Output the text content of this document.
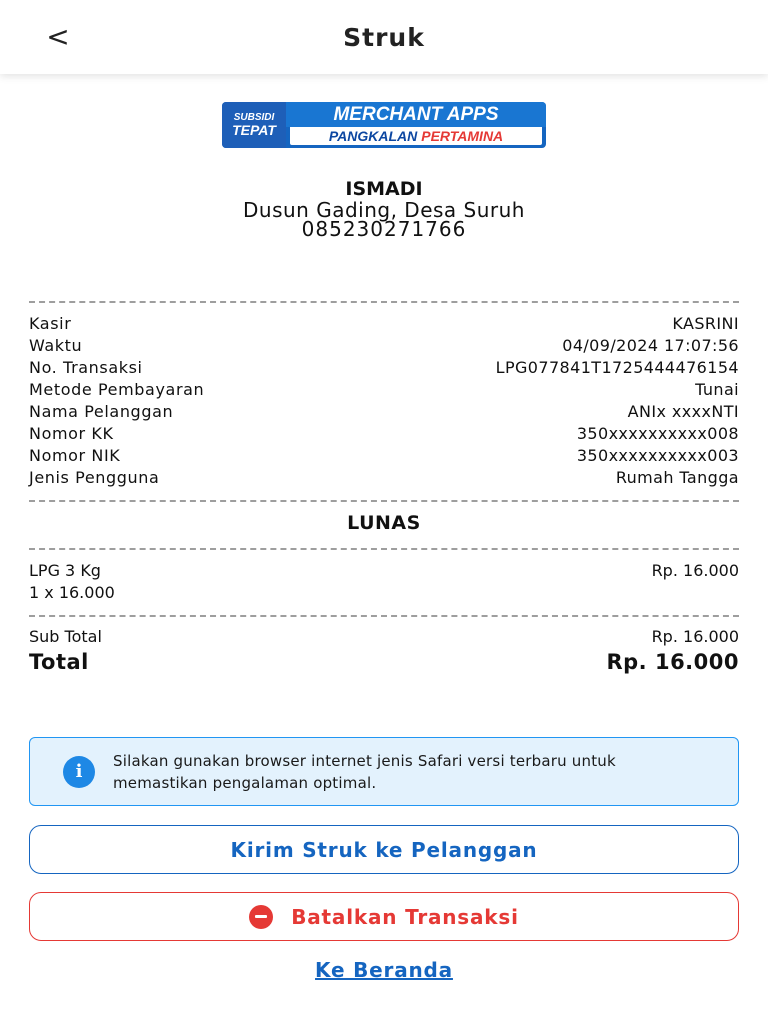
<	Struk
SUBSIDI
TEPAT
MERCHANT APPS
PANGKALAN PERTAMINA
ISMADI
Dusun Gading, Desa Suruh
085230271766
Kasir	KASRINI
Waktu	04/09/2024 17:07:56
No. Transaksi	LPG077841T1725444476154
Metode Pembayaran	Tunai
Nama Pelanggan	ANIx xxxxNTI
Nomor KK	350xxxxxxxxxx008
Nomor NIK	350xxxxxxxxxx003
Jenis Pengguna	Rumah Tangga
LUNAS
LPG 3 Kg	Rp. 16.000
1 x 16.000
Sub Total	Rp. 16.000
Total	Rp. 16.000
i
Silakan gunakan browser internet jenis Safari versi terbaru untuk memastikan pengalaman optimal.
Kirim Struk ke Pelanggan
Batalkan Transaksi
Ke Beranda
